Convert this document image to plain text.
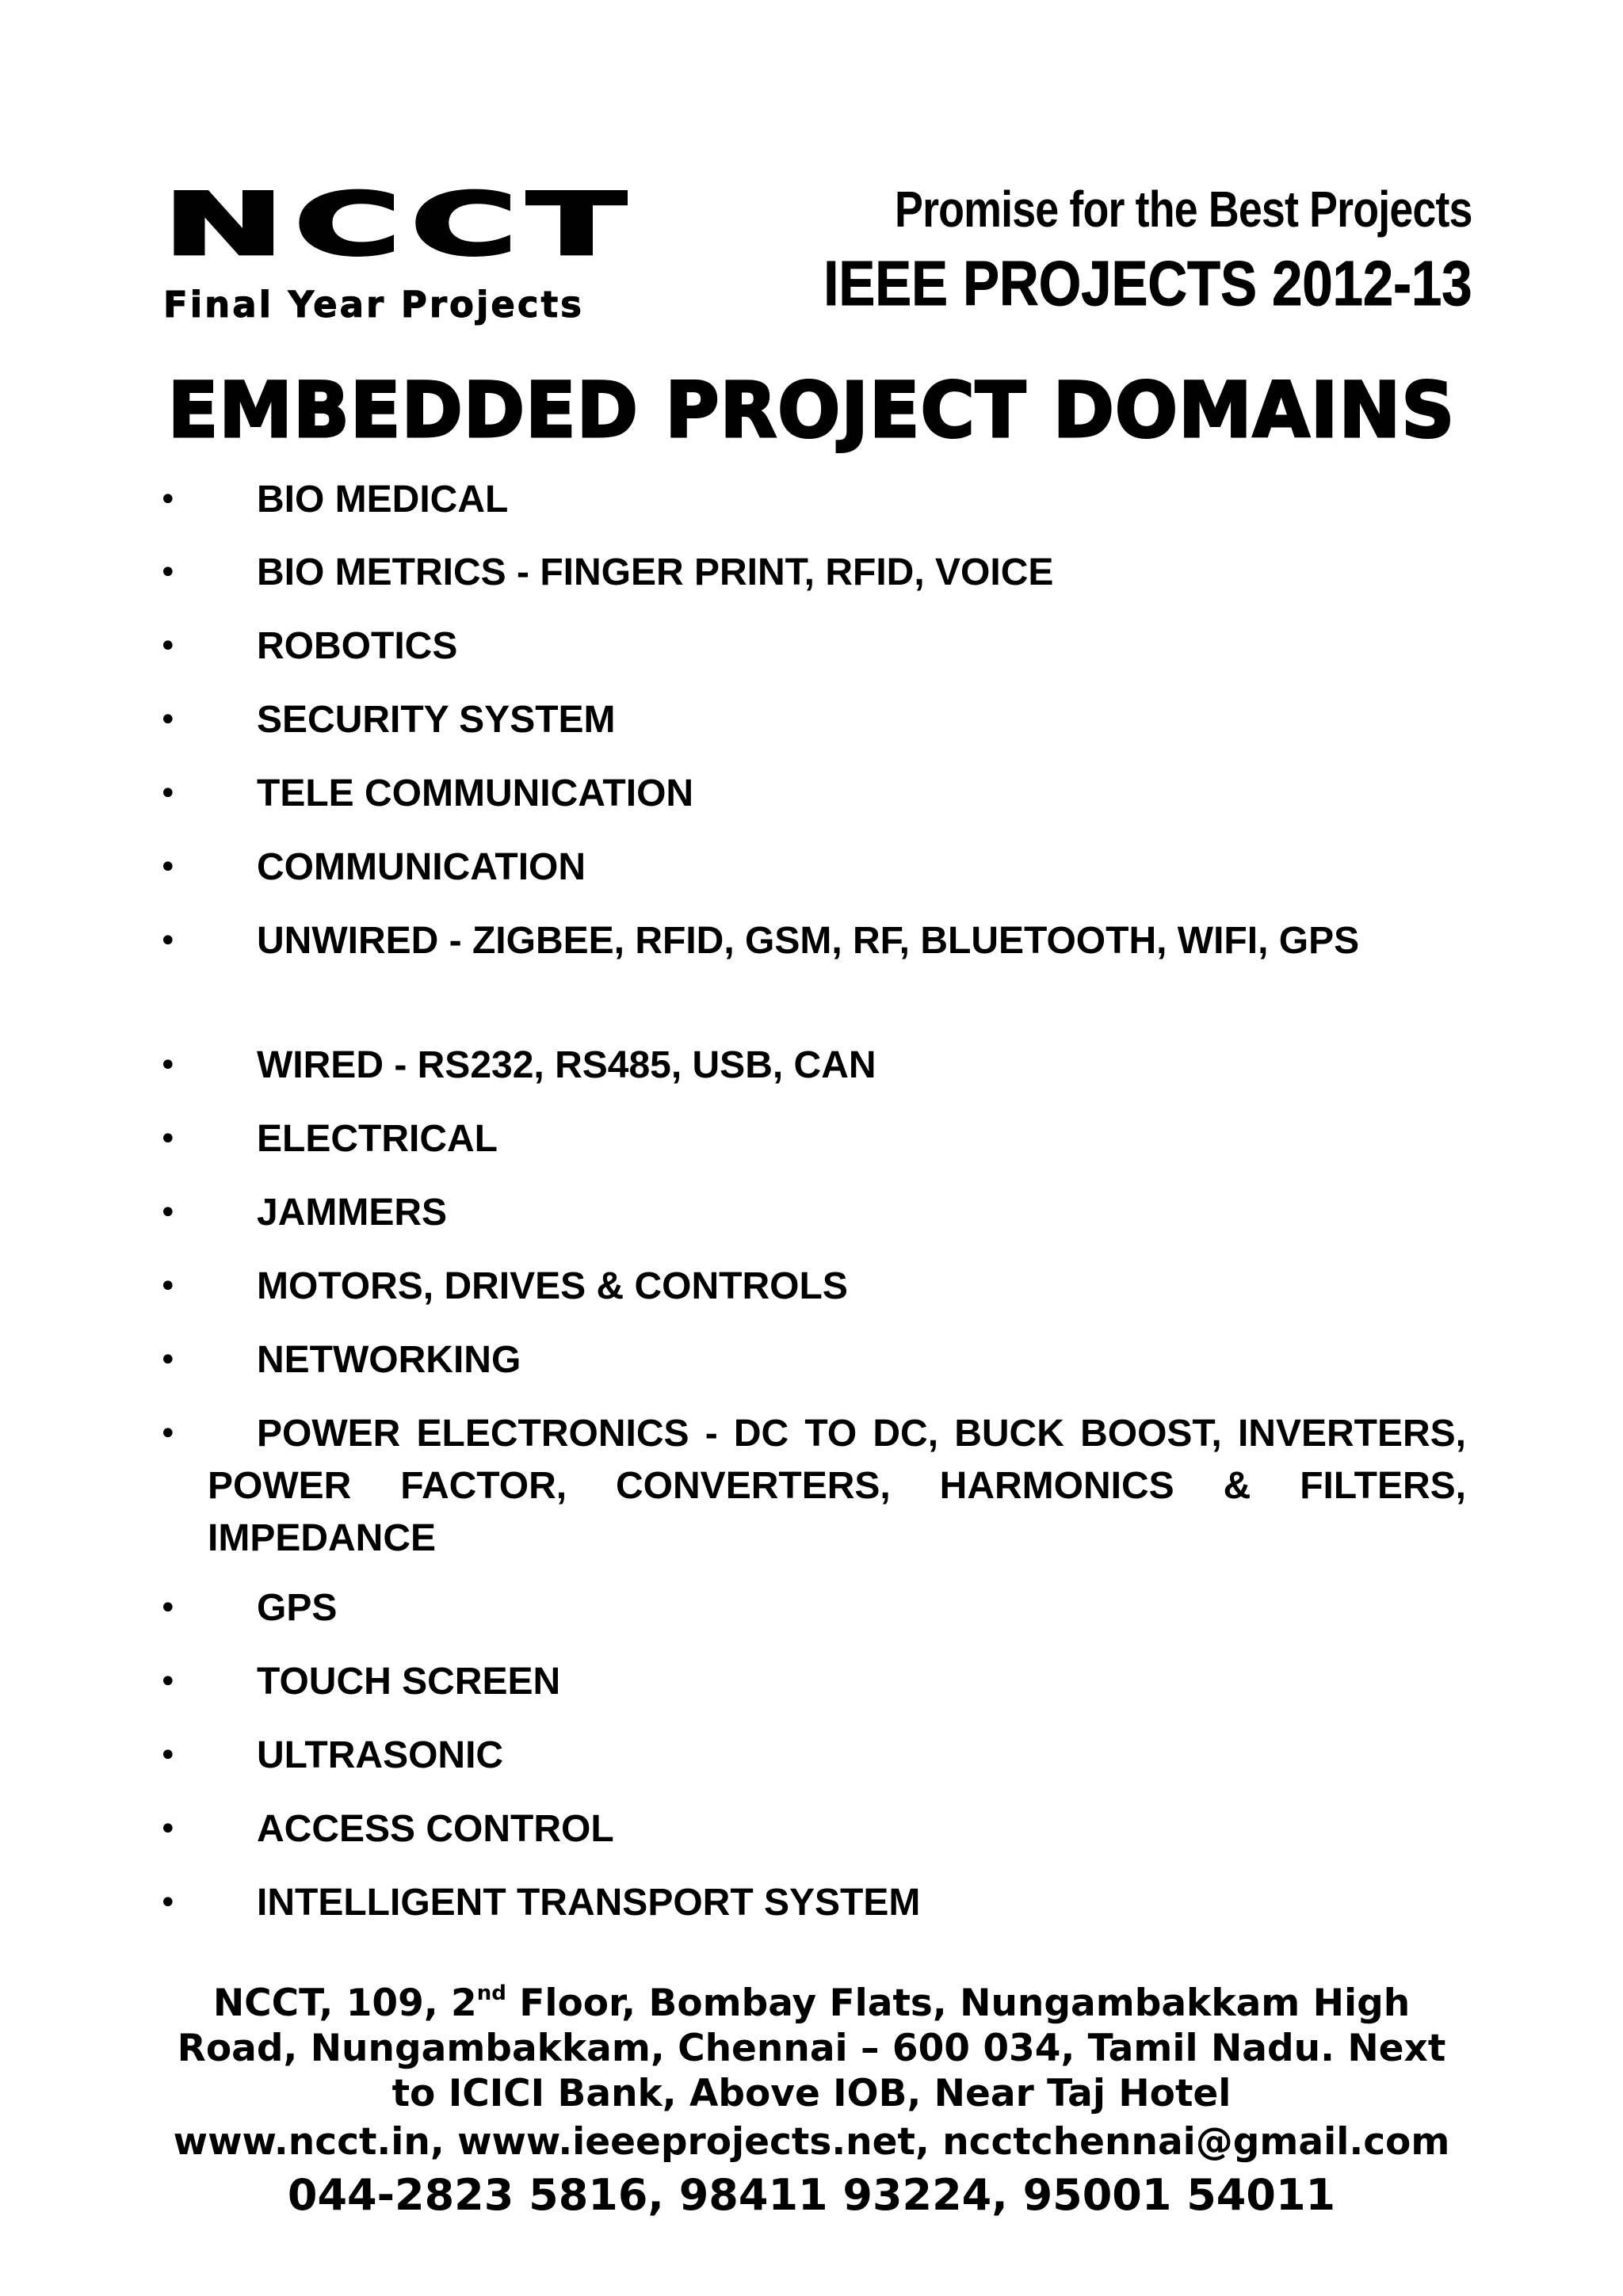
NCCT
Final Year Projects
Promise for the Best Projects
IEEE PROJECTS 2012-13
EMBEDDED PROJECT DOMAINS
•	BIO MEDICAL
•	BIO METRICS - FINGER PRINT, RFID, VOICE
•	ROBOTICS
•	SECURITY SYSTEM
•	TELE COMMUNICATION
•	COMMUNICATION
•	UNWIRED - ZIGBEE, RFID, GSM, RF, BLUETOOTH, WIFI, GPS
•	WIRED - RS232, RS485, USB, CAN
•	ELECTRICAL
•	JAMMERS
•	MOTORS, DRIVES & CONTROLS
•	NETWORKING
•	POWER ELECTRONICS - DC TO DC, BUCK BOOST, INVERTERS, POWER FACTOR, CONVERTERS, HARMONICS & FILTERS, IMPEDANCE
•	GPS
•	TOUCH SCREEN
•	ULTRASONIC
•	ACCESS CONTROL
•	INTELLIGENT TRANSPORT SYSTEM
NCCT, 109, 2nd Floor, Bombay Flats, Nungambakkam High
Road, Nungambakkam, Chennai – 600 034, Tamil Nadu. Next
to ICICI Bank, Above IOB, Near Taj Hotel
www.ncct.in, www.ieeeprojects.net, ncctchennai@gmail.com
044-2823 5816, 98411 93224, 95001 54011
